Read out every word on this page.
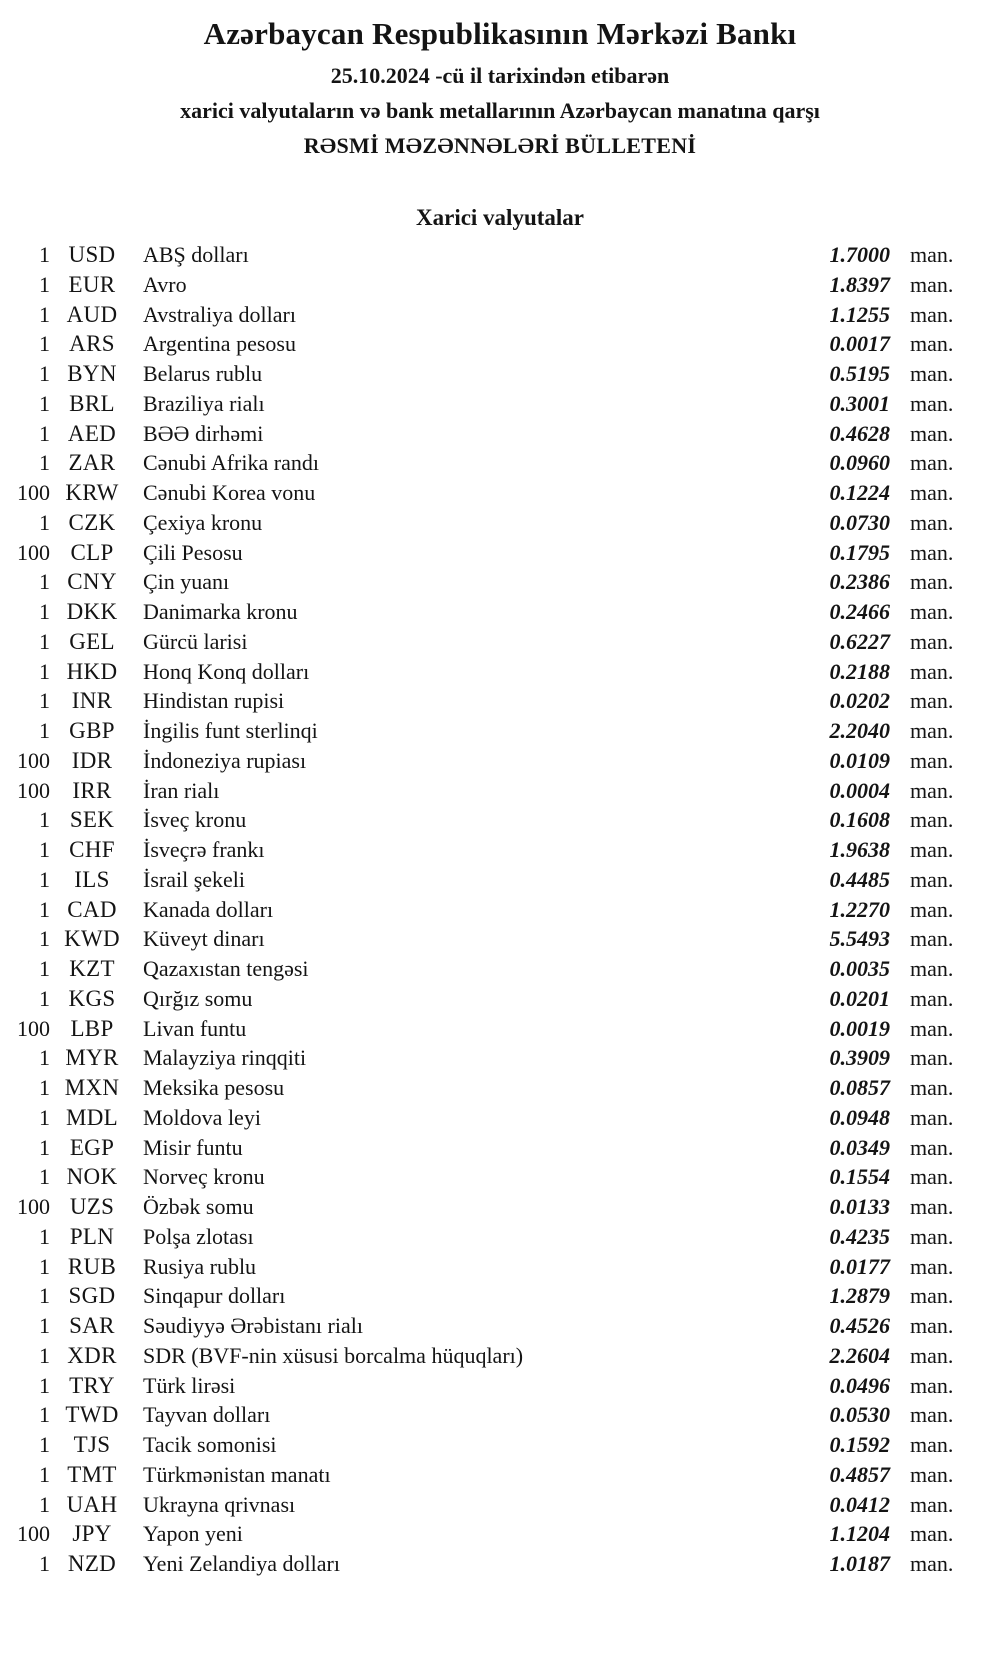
Azərbaycan Respublikasının Mərkəzi Bankı
25.10.2024 -cü il tarixindən etibarən
xarici valyutaların və bank metallarının Azərbaycan manatına qarşı
RƏSMİ MƏZƏNNƏLƏRİ BÜLLETENİ
Xarici valyutalar
1 USD	ABŞ dolları	1.7000 man.
1 EUR	Avro	1.8397 man.
1 AUD	Avstraliya dolları	1.1255 man.
1 ARS	Argentina pesosu	0.0017 man.
1 BYN	Belarus rublu	0.5195 man.
1 BRL	Braziliya rialı	0.3001 man.
1 AED	BƏƏ dirhəmi	0.4628 man.
1 ZAR	Cənubi Afrika randı	0.0960 man.
100 KRW	Cənubi Korea vonu	0.1224 man.
1 CZK	Çexiya kronu	0.0730 man.
100 CLP	Çili Pesosu	0.1795 man.
1 CNY	Çin yuanı	0.2386 man.
1 DKK	Danimarka kronu	0.2466 man.
1 GEL	Gürcü larisi	0.6227 man.
1 HKD	Honq Konq dolları	0.2188 man.
1 INR	Hindistan rupisi	0.0202 man.
1 GBP	İngilis funt sterlinqi	2.2040 man.
100 IDR	İndoneziya rupiası	0.0109 man.
100 IRR	İran rialı	0.0004 man.
1 SEK	İsveç kronu	0.1608 man.
1 CHF	İsveçrə frankı	1.9638 man.
1	ILS	İsrail şekeli	0.4485 man.
1 CAD	Kanada dolları	1.2270 man.
1 KWD	Küveyt dinarı	5.5493 man.
1 KZT	Qazaxıstan tengəsi	0.0035 man.
1 KGS	Qırğız somu	0.0201 man.
100 LBP	Livan funtu	0.0019 man.
1 MYR	Malayziya rinqqiti	0.3909 man.
1 MXN	Meksika pesosu	0.0857 man.
1 MDL	Moldova leyi	0.0948 man.
1 EGP	Misir funtu	0.0349 man.
1 NOK	Norveç kronu	0.1554 man.
100 UZS	Özbək somu	0.0133 man.
1 PLN	Polşa zlotası	0.4235 man.
1 RUB	Rusiya rublu	0.0177 man.
1 SGD	Sinqapur dolları	1.2879 man.
1 SAR	Səudiyyə Ərəbistanı rialı	0.4526 man.
1 XDR	SDR (BVF-nin xüsusi borcalma hüquqları)	2.2604 man.
1 TRY	Türk lirəsi	0.0496 man.
1 TWD	Tayvan dolları	0.0530 man.
1	TJS	Tacik somonisi	0.1592 man.
1 TMT	Türkmənistan manatı	0.4857 man.
1 UAH	Ukrayna qrivnası	0.0412 man.
100 JPY	Yapon yeni	1.1204 man.
1 NZD	Yeni Zelandiya dolları	1.0187 man.
